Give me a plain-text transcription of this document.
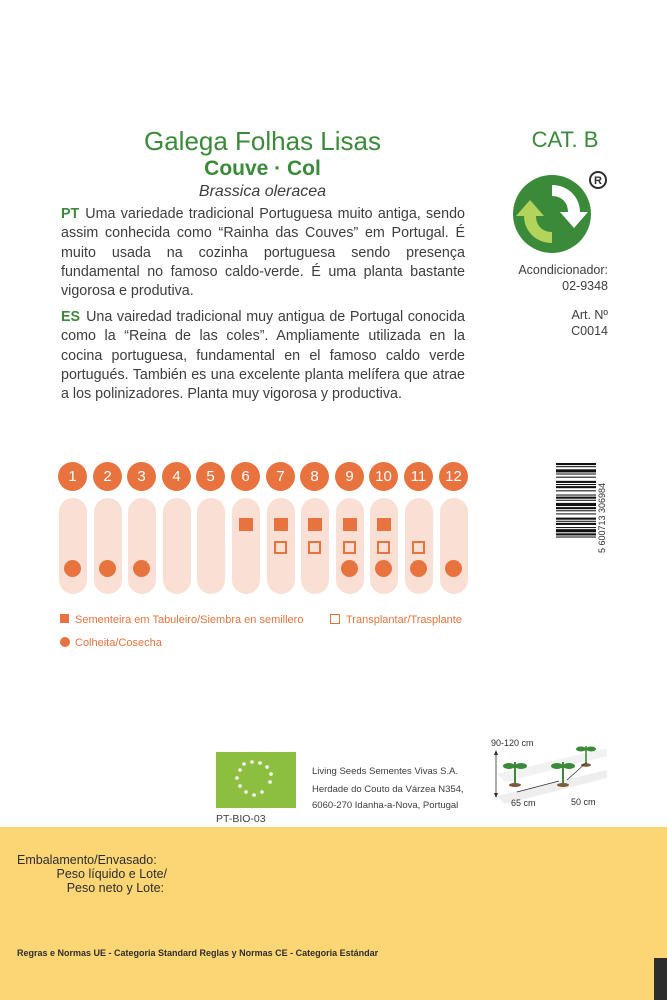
Galega Folhas Lisas
Couve · Col
Brassica oleracea
PT Uma variedade tradicional Portuguesa muito antiga, sendo assim conhecida como “Rainha das Couves” em Portugal. É muito usada na cozinha portuguesa sendo presença fundamental no famoso caldo-verde. É uma planta bastante vigorosa e produtiva.
ES Una vairedad tradicional muy antigua de Portugal conocida como la “Reina de las coles”. Ampliamente utilizada en la cocina portuguesa, fundamental en el famoso caldo verde portugués. También es una excelente planta melífera que atrae a los polinizadores. Planta muy vigorosa y productiva.
CAT. B
R
Acondicionador:
02-9348
Art. Nº
C0014
5 600713 306984
1	2	3	4	5	6	7	8	9	10	11	12
Sementeira em Tabuleiro/Siembra en semillero	Transplantar/Trasplante
Colheita/Cosecha
PT-BIO-03
Living Seeds Sementes Vivas S.A.
Herdade do Couto da Várzea N354,
6060-270 Idanha-a-Nova, Portugal
90-120 cm
65 cm	50 cm
Embalamento/Envasado:
Peso líquido e Lote/
Peso neto y Lote:
Regras e Normas UE - Categoria Standard Reglas y Normas CE - Categoria Estándar
